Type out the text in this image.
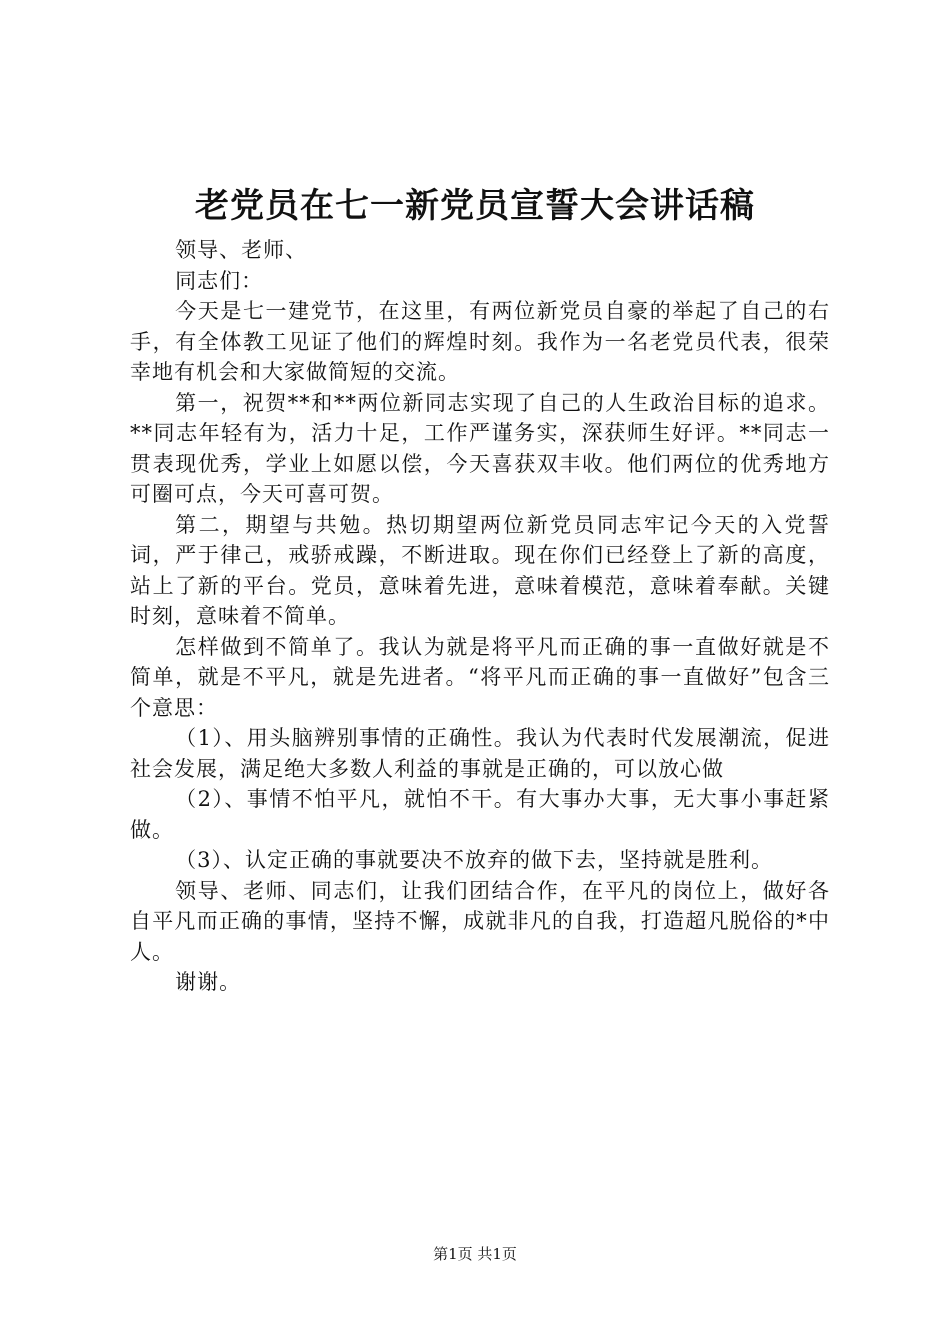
老党员在七一新党员宣誓大会讲话稿

领导、老师、

同志们：

今天是七一建党节，在这里，有两位新党员自豪的举起了自己的右手，有全体教工见证了他们的辉煌时刻。我作为一名老党员代表，很荣幸地有机会和大家做简短的交流。

第一，祝贺**和**两位新同志实现了自己的人生政治目标的追求。**同志年轻有为，活力十足，工作严谨务实，深获师生好评。**同志一贯表现优秀，学业上如愿以偿，今天喜获双丰收。他们两位的优秀地方可圈可点，今天可喜可贺。

第二，期望与共勉。热切期望两位新党员同志牢记今天的入党誓词，严于律己，戒骄戒躁，不断进取。现在你们已经登上了新的高度，站上了新的平台。党员，意味着先进，意味着模范，意味着奉献。关键时刻，意味着不简单。

怎样做到不简单了。我认为就是将平凡而正确的事一直做好就是不简单，就是不平凡，就是先进者。“将平凡而正确的事一直做好”包含三个意思：

（1）、用头脑辨别事情的正确性。我认为代表时代发展潮流，促进社会发展，满足绝大多数人利益的事就是正确的，可以放心做

（2）、事情不怕平凡，就怕不干。有大事办大事，无大事小事赶紧做。

（3）、认定正确的事就要决不放弃的做下去，坚持就是胜利。

领导、老师、同志们，让我们团结合作，在平凡的岗位上，做好各自平凡而正确的事情，坚持不懈，成就非凡的自我，打造超凡脱俗的*中人。

谢谢。

第1页 共1页
